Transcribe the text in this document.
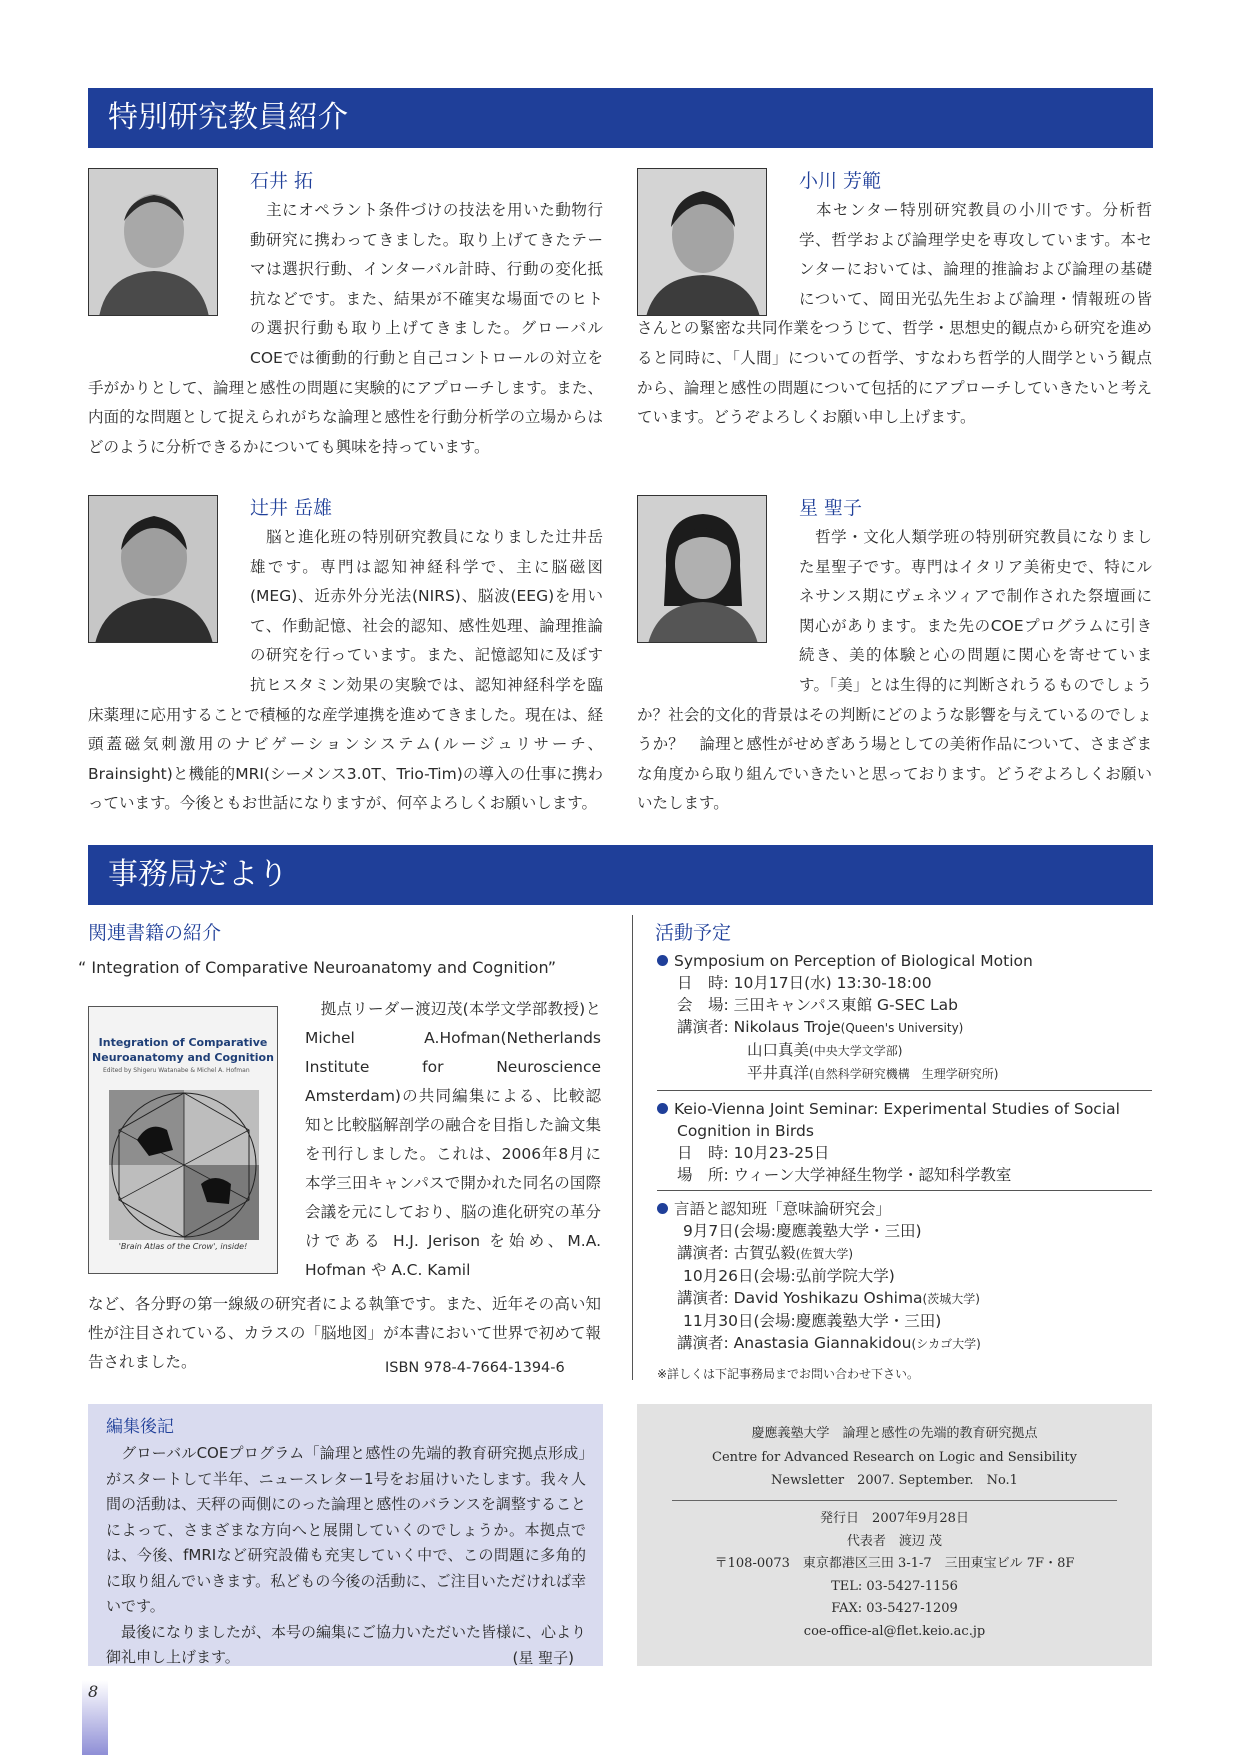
特別研究教員紹介
石井 拓
　主にオペラント条件づけの技法を用いた動物行動研究に携わってきました。取り上げてきたテーマは選択行動、インターバル計時、行動の変化抵抗などです。また、結果が不確実な場面でのヒトの選択行動も取り上げてきました。グローバルCOEでは衝動的行動と自己コントロールの対立を手がかりとして、論理と感性の問題に実験的にアプローチします。また、内面的な問題として捉えられがちな論理と感性を行動分析学の立場からはどのように分析できるかについても興味を持っています。
小川 芳範
　本センター特別研究教員の小川です。分析哲学、哲学および論理学史を専攻しています。本センターにおいては、論理的推論および論理の基礎について、岡田光弘先生および論理・情報班の皆さんとの緊密な共同作業をつうじて、哲学・思想史的観点から研究を進めると同時に、「人間」についての哲学、すなわち哲学的人間学という観点から、論理と感性の問題について包括的にアプローチしていきたいと考えています。どうぞよろしくお願い申し上げます。
辻井 岳雄
　脳と進化班の特別研究教員になりました辻井岳雄です。専門は認知神経科学で、主に脳磁図(MEG)、近赤外分光法(NIRS)、脳波(EEG)を用いて、作動記憶、社会的認知、感性処理、論理推論の研究を行っています。また、記憶認知に及ぼす抗ヒスタミン効果の実験では、認知神経科学を臨床薬理に応用することで積極的な産学連携を進めてきました。現在は、経頭蓋磁気刺激用のナビゲーションシステム(ルージュリサーチ、Brainsight)と機能的MRI(シーメンス3.0T、Trio-Tim)の導入の仕事に携わっています。今後ともお世話になりますが、何卒よろしくお願いします。
星 聖子
　哲学・文化人類学班の特別研究教員になりました星聖子です。専門はイタリア美術史で、特にルネサンス期にヴェネツィアで制作された祭壇画に関心があります。また先のCOEプログラムに引き続き、美的体験と心の問題に関心を寄せています。「美」とは生得的に判断されうるものでしょうか？社会的文化的背景はその判断にどのような影響を与えているのでしょうか？　論理と感性がせめぎあう場としての美術作品について、さまざまな角度から取り組んでいきたいと思っております。どうぞよろしくお願いいたします。
事務局だより
関連書籍の紹介
“ Integration of Comparative Neuroanatomy and Cognition”
Integration of Comparative
Neuroanatomy and Cognition
Edited by Shigeru Watanabe & Michel A. Hofman
'Brain Atlas of the Crow', inside!
　拠点リーダー渡辺茂(本学文学部教授)と Michel A.Hofman(Netherlands Institute for Neuroscience Amsterdam)の共同編集による、比較認知と比較脳解剖学の融合を目指した論文集を刊行しました。これは、2006年8月に本学三田キャンパスで開かれた同名の国際会議を元にしており、脳の進化研究の革分けである H.J. Jerison を始め、M.A. Hofman や A.C. Kamil
など、各分野の第一線級の研究者による執筆です。また、近年その高い知性が注目されている、カラスの「脳地図」が本書において世界で初めて報告されました。	ISBN 978-4-7664-1394-6
活動予定
Symposium on Perception of Biological Motion
日　時: 10月17日(水) 13:30-18:00
会　場: 三田キャンパス東館 G-SEC Lab
講演者: Nikolaus Troje(Queen's University)
山口真美(中央大学文学部)
平井真洋(自然科学研究機構　生理学研究所)
Keio-Vienna Joint Seminar: Experimental Studies of Social Cognition in Birds
日　時: 10月23-25日
場　所: ウィーン大学神経生物学・認知科学教室
言語と認知班「意味論研究会」
9月7日(会場:慶應義塾大学・三田)
講演者: 古賀弘毅(佐賀大学)
10月26日(会場:弘前学院大学)
講演者: David Yoshikazu Oshima(茨城大学)
11月30日(会場:慶應義塾大学・三田)
講演者: Anastasia Giannakidou(シカゴ大学)
※詳しくは下記事務局までお問い合わせ下さい。
編集後記
　グローバルCOEプログラム「論理と感性の先端的教育研究拠点形成」がスタートして半年、ニュースレター1号をお届けいたします。我々人間の活動は、天秤の両側にのった論理と感性のバランスを調整することによって、さまざまな方向へと展開していくのでしょうか。本拠点では、今後、fMRIなど研究設備も充実していく中で、この問題に多角的に取り組んでいきます。私どもの今後の活動に、ご注目いただければ幸いです。
　最後になりましたが、本号の編集にご協力いただいた皆様に、心より御礼申し上げます。	(星 聖子)
慶應義塾大学　論理と感性の先端的教育研究拠点
Centre for Advanced Research on Logic and Sensibility
Newsletter　2007. September.　No.1
発行日　2007年9月28日
代表者　渡辺 茂
〒108-0073　東京都港区三田 3-1-7　三田東宝ビル 7F・8F
TEL: 03-5427-1156
FAX: 03-5427-1209
coe-office-al@flet.keio.ac.jp
8
